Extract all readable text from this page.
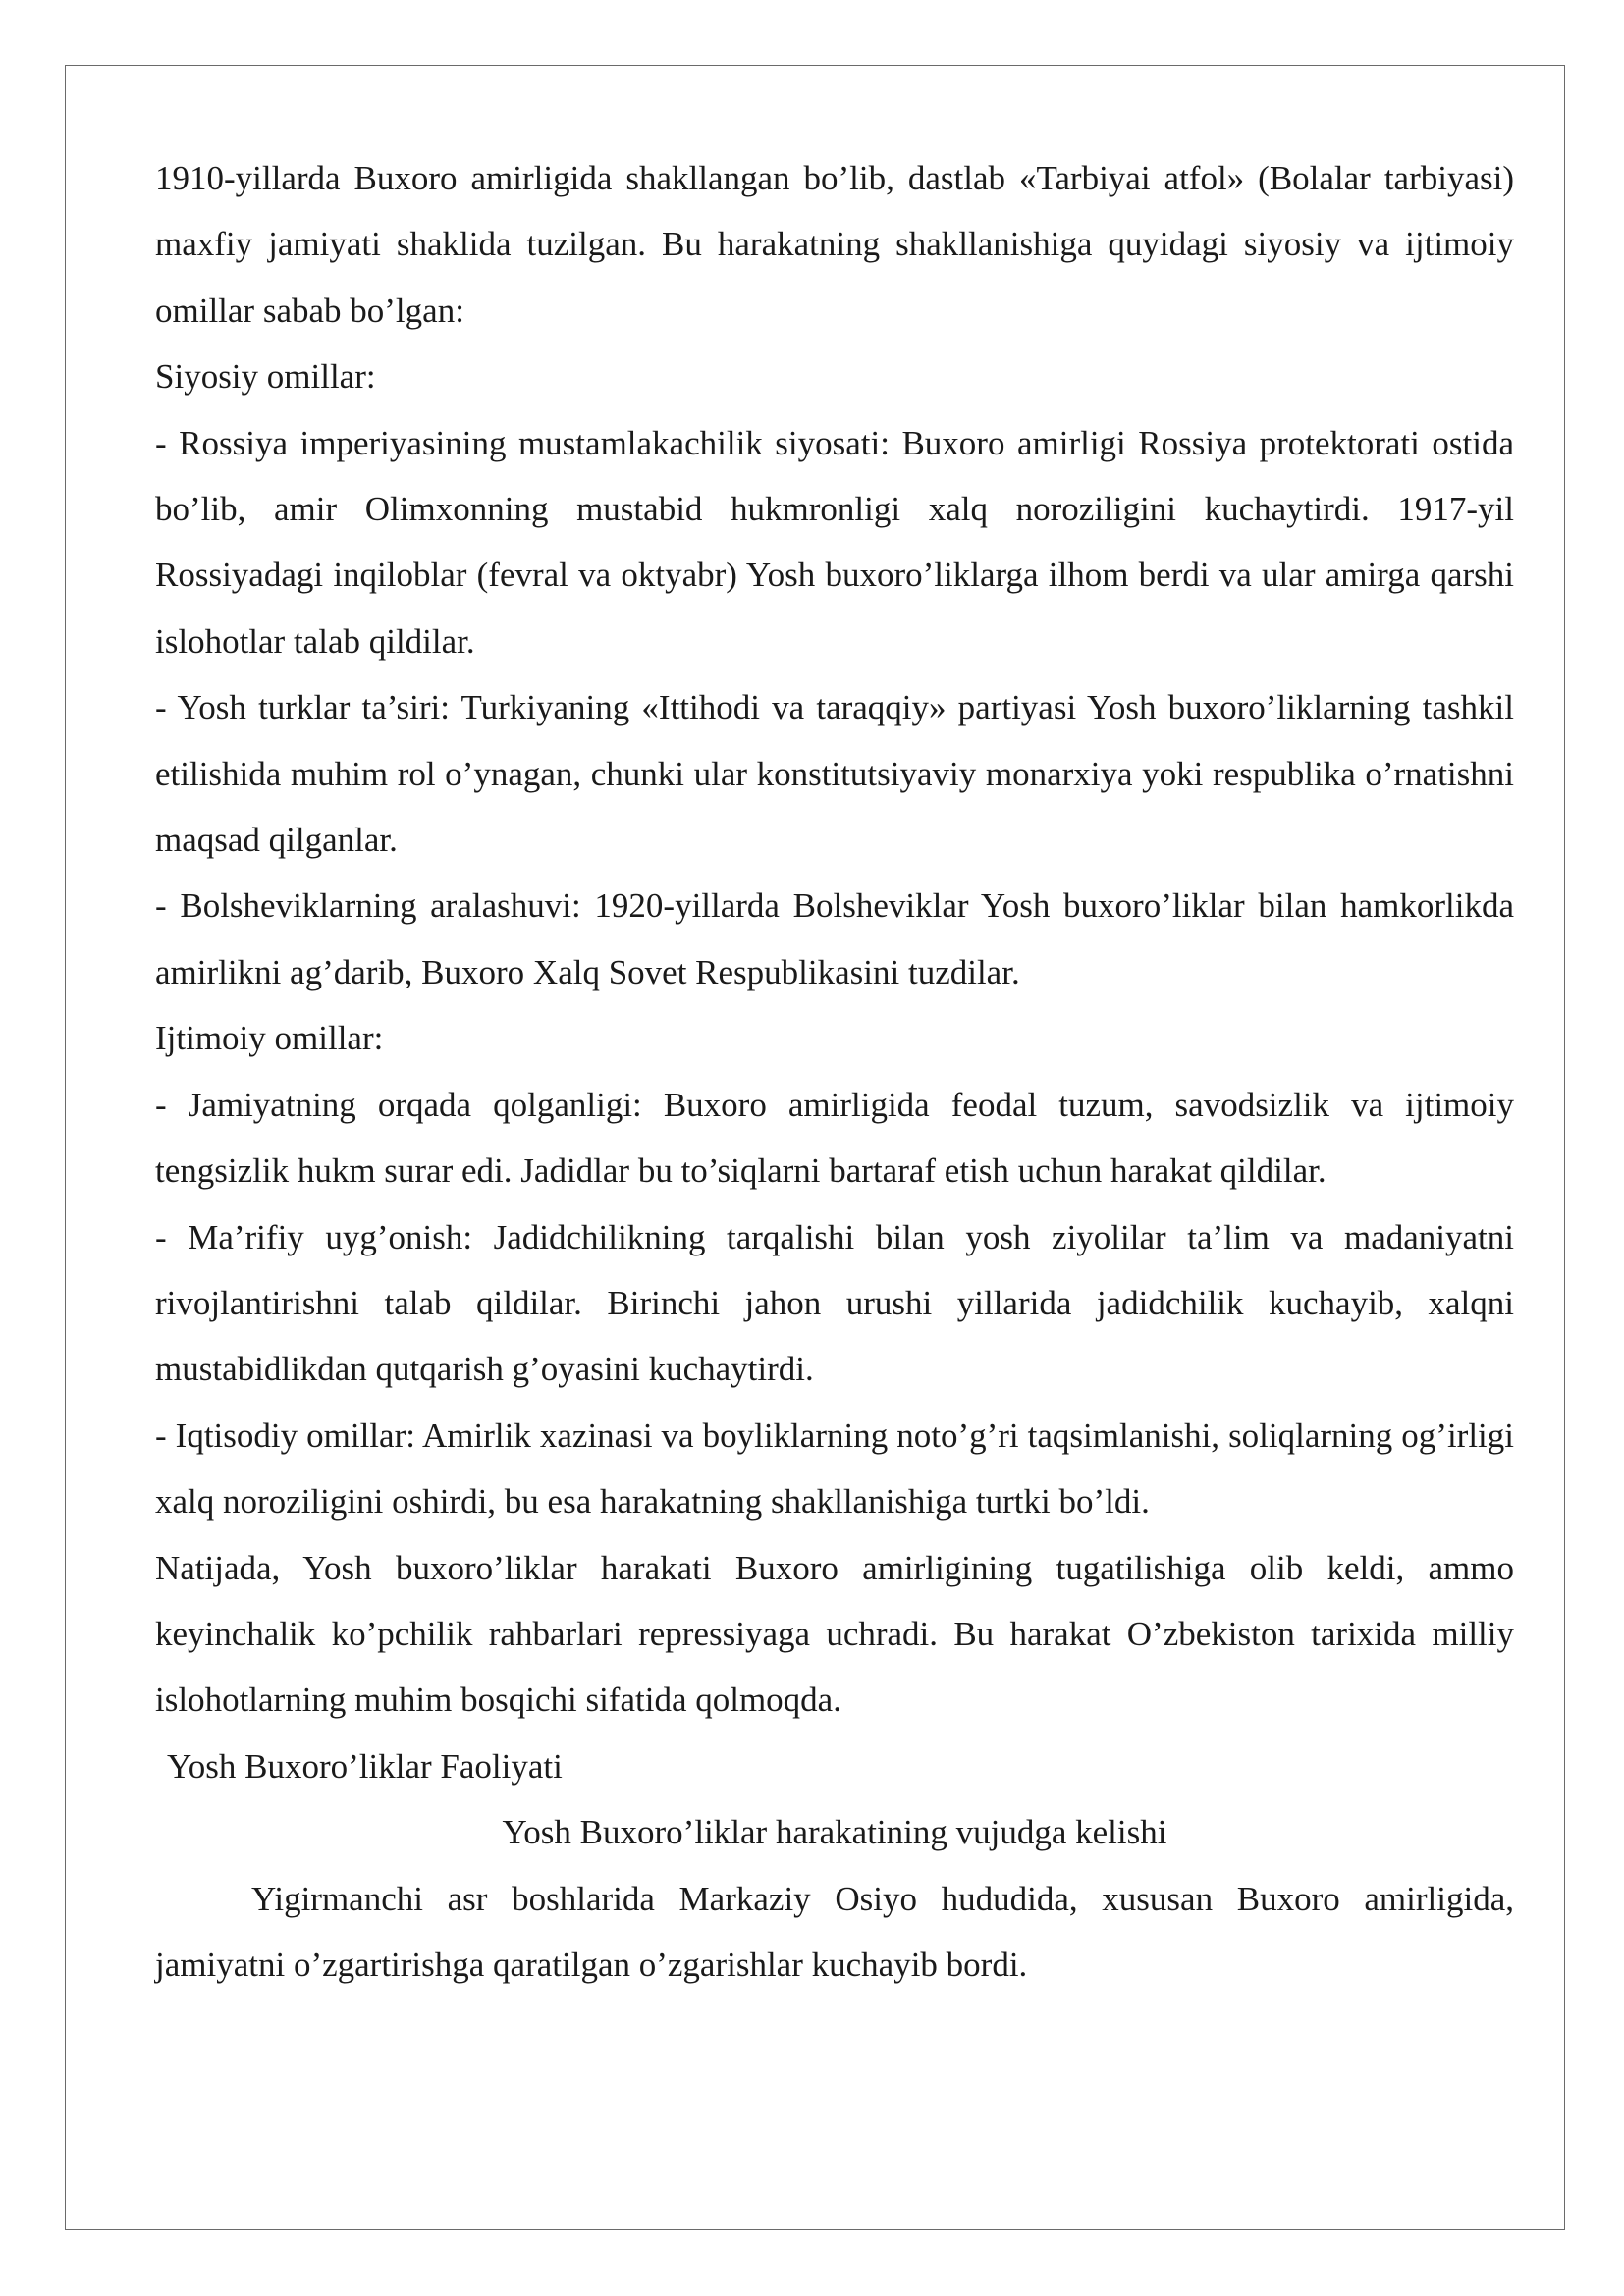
1910-yillarda Buxoro amirligida shakllangan bo’lib, dastlab «Tarbiyai atfol» (Bolalar tarbiyasi) maxfiy jamiyati shaklida tuzilgan. Bu harakatning shakllanishiga quyidagi siyosiy va ijtimoiy omillar sabab bo’lgan:

Siyosiy omillar:

- Rossiya imperiyasining mustamlakachilik siyosati: Buxoro amirligi Rossiya protektorati ostida bo’lib, amir Olimxonning mustabid hukmronligi xalq noroziligini kuchaytirdi. 1917-yil Rossiyadagi inqiloblar (fevral va oktyabr) Yosh buxoro’liklarga ilhom berdi va ular amirga qarshi islohotlar talab qildilar.

- Yosh turklar ta’siri: Turkiyaning «Ittihodi va taraqqiy» partiyasi Yosh buxoro’liklarning tashkil etilishida muhim rol o’ynagan, chunki ular konstitutsiyaviy monarxiya yoki respublika o’rnatishni maqsad qilganlar.

- Bolsheviklarning aralashuvi: 1920-yillarda Bolsheviklar Yosh buxoro’liklar bilan hamkorlikda amirlikni ag’darib, Buxoro Xalq Sovet Respublikasini tuzdilar.

Ijtimoiy omillar:

- Jamiyatning orqada qolganligi: Buxoro amirligida feodal tuzum, savodsizlik va ijtimoiy tengsizlik hukm surar edi. Jadidlar bu to’siqlarni bartaraf etish uchun harakat qildilar.

- Ma’rifiy uyg’onish: Jadidchilikning tarqalishi bilan yosh ziyolilar ta’lim va madaniyatni rivojlantirishni talab qildilar. Birinchi jahon urushi yillarida jadidchilik kuchayib, xalqni mustabidlikdan qutqarish g’oyasini kuchaytirdi.

- Iqtisodiy omillar: Amirlik xazinasi va boyliklarning noto’g’ri taqsimlanishi, soliqlarning og’irligi xalq noroziligini oshirdi, bu esa harakatning shakllanishiga turtki bo’ldi.

Natijada, Yosh buxoro’liklar harakati Buxoro amirligining tugatilishiga olib keldi, ammo keyinchalik ko’pchilik rahbarlari repressiyaga uchradi. Bu harakat O’zbekiston tarixida milliy islohotlarning muhim bosqichi sifatida qolmoqda.

Yosh Buxoro’liklar Faoliyati

Yosh Buxoro’liklar harakatining vujudga kelishi

Yigirmanchi asr boshlarida Markaziy Osiyo hududida, xususan Buxoro amirligida, jamiyatni o’zgartirishga qaratilgan o’zgarishlar kuchayib bordi.
